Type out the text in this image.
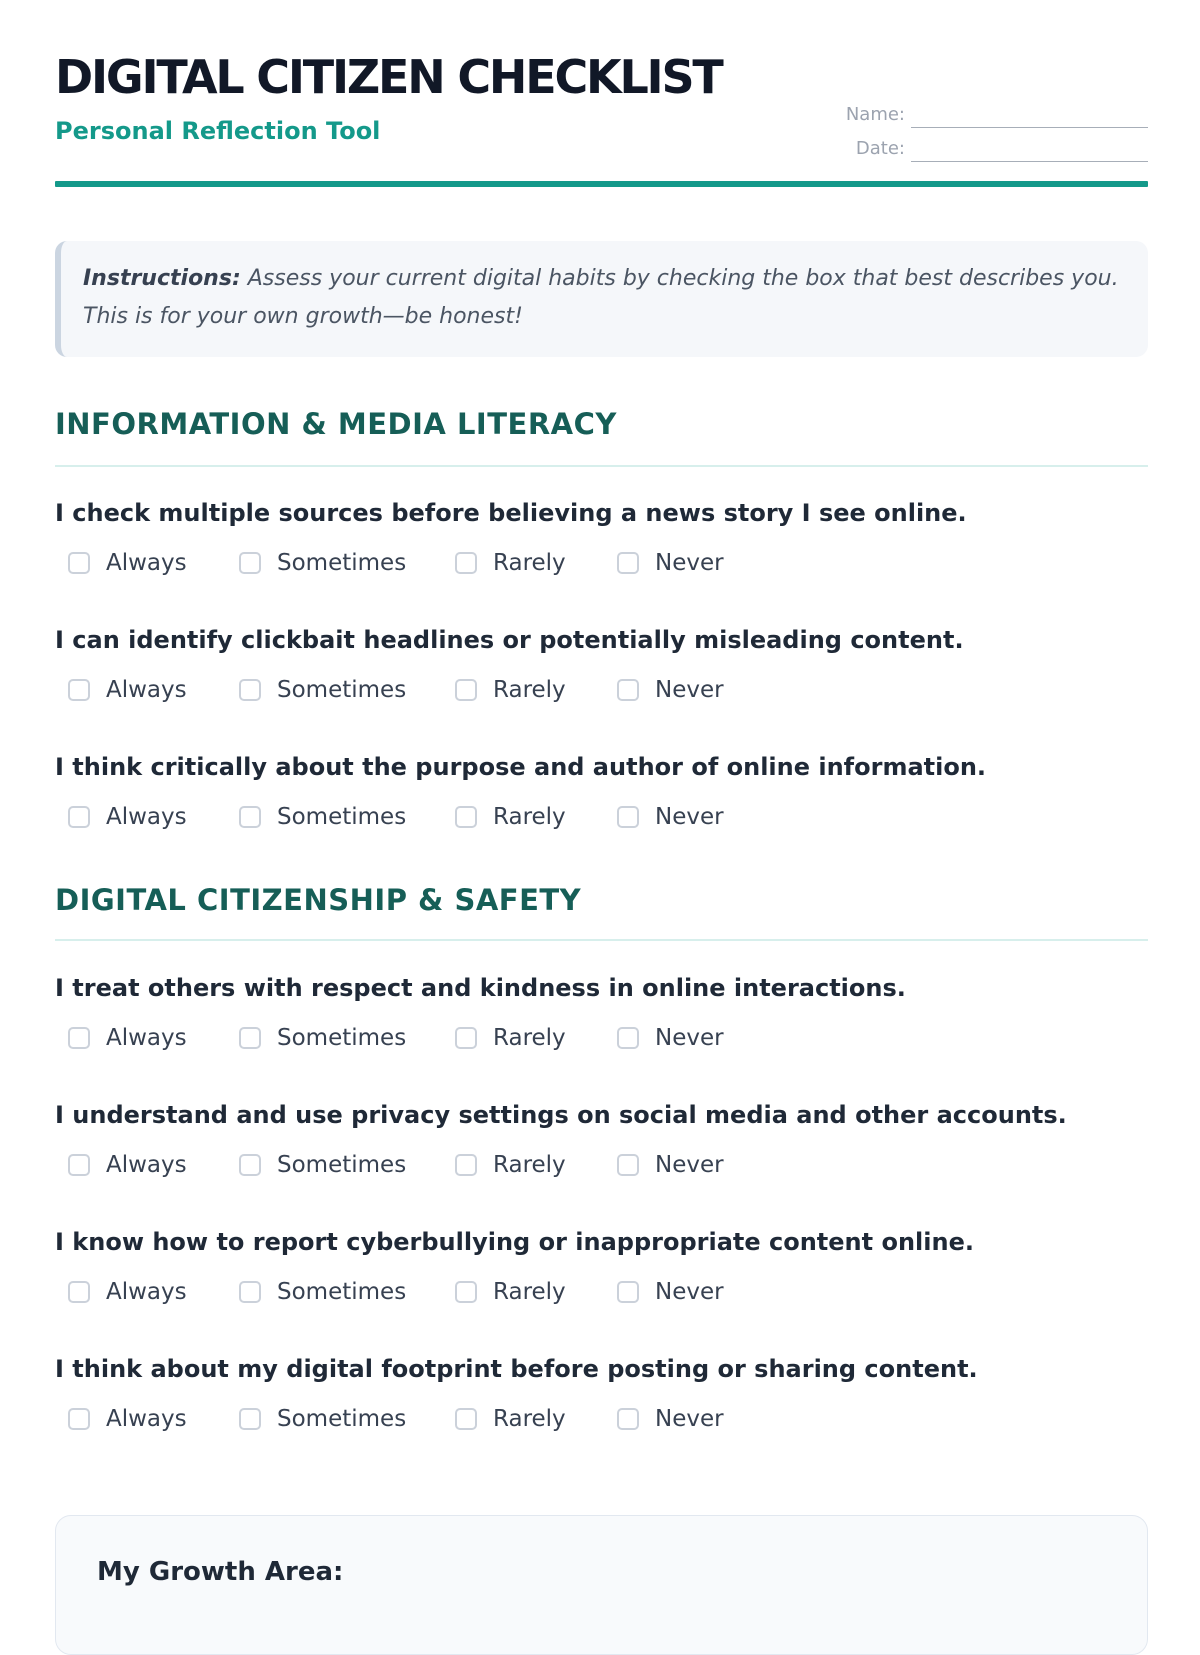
DIGITAL CITIZEN CHECKLIST
Personal Reflection Tool
Name:
Date:
Instructions: Assess your current digital habits by checking the box that best describes you. This is for your own growth—be honest!
INFORMATION & MEDIA LITERACY
I check multiple sources before believing a news story I see online.
Always	Sometimes	Rarely	Never
I can identify clickbait headlines or potentially misleading content.
Always	Sometimes	Rarely	Never
I think critically about the purpose and author of online information.
Always	Sometimes	Rarely	Never
DIGITAL CITIZENSHIP & SAFETY
I treat others with respect and kindness in online interactions.
Always	Sometimes	Rarely	Never
I understand and use privacy settings on social media and other accounts.
Always	Sometimes	Rarely	Never
I know how to report cyberbullying or inappropriate content online.
Always	Sometimes	Rarely	Never
I think about my digital footprint before posting or sharing content.
Always	Sometimes	Rarely	Never
My Growth Area:
